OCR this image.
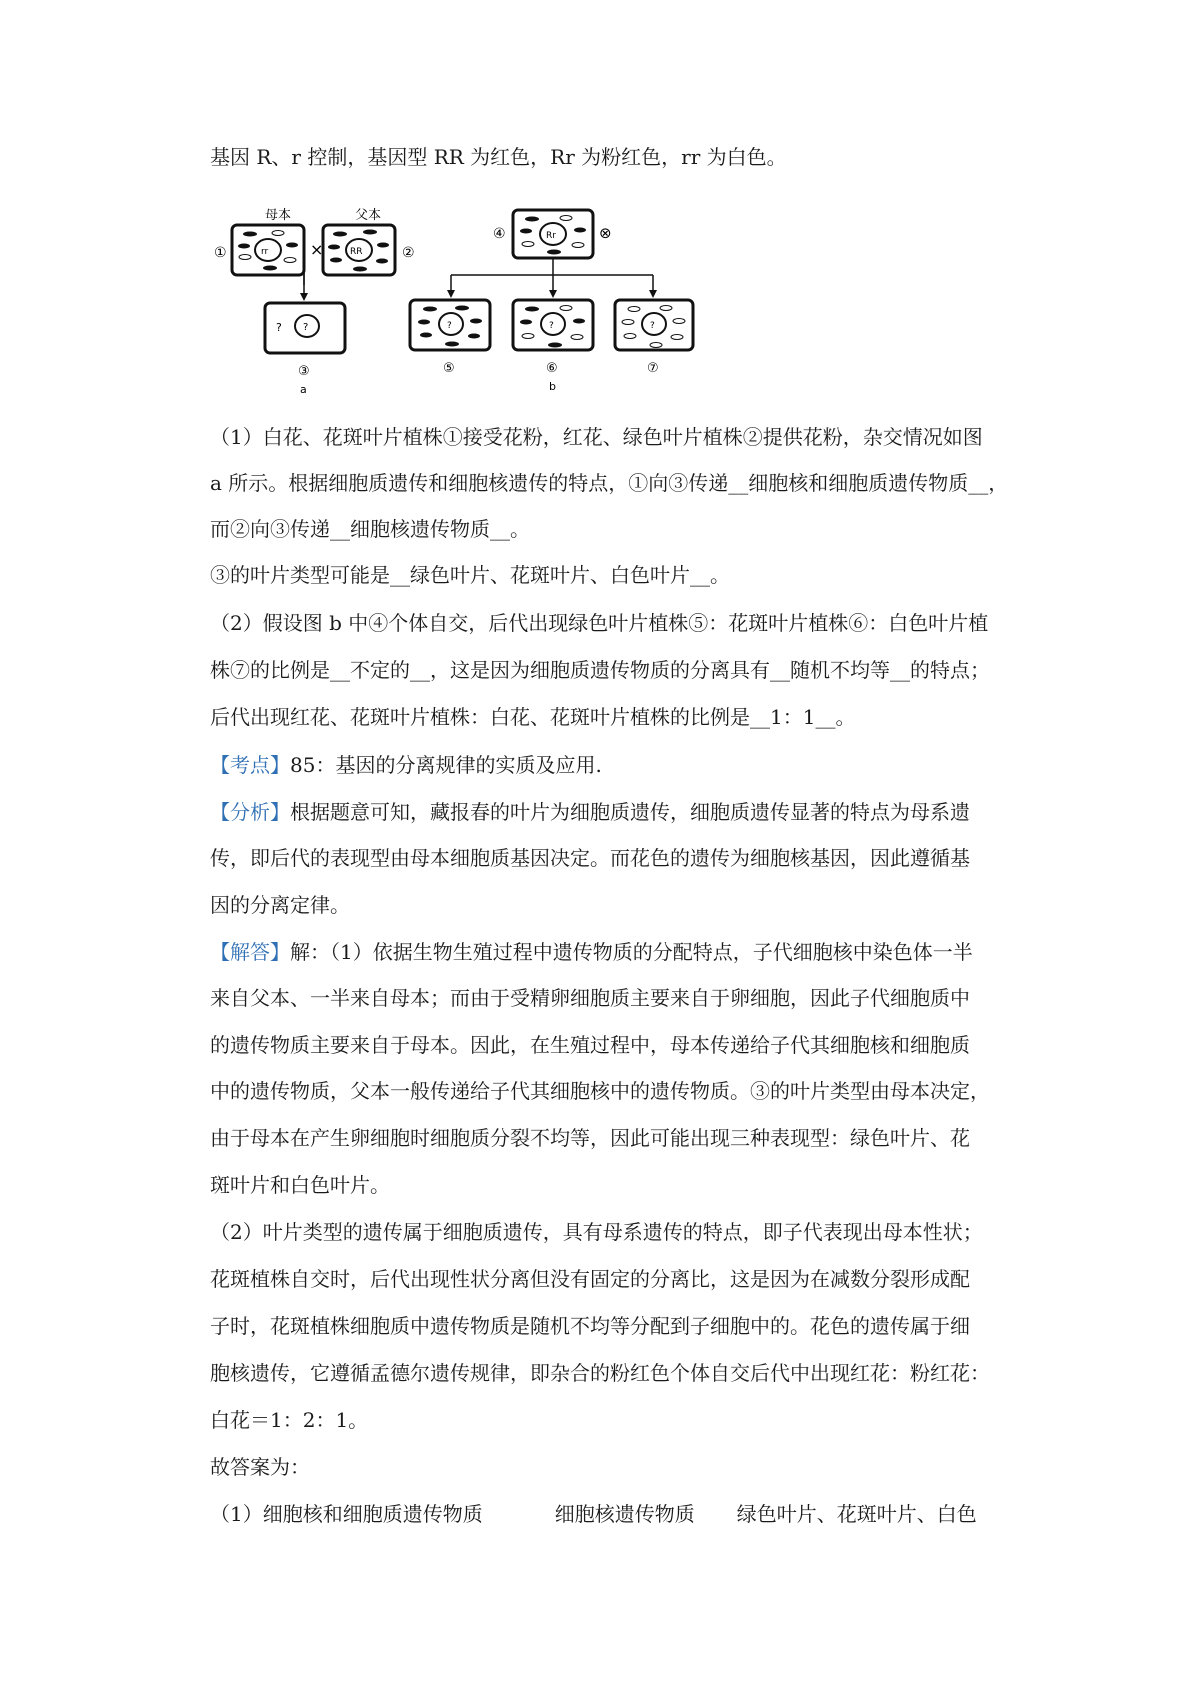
基因 R、r 控制，基因型 RR 为红色，Rr 为粉红色，rr 为白色。
母本	父本
rr
①	×	RR	②
?
?
③
a
Rr
④	⊗
?
⑤
?
⑥
b
?
⑦
（1）白花、花斑叶片植株①接受花粉，红花、绿色叶片植株②提供花粉，杂交情况如图
a 所示。根据细胞质遗传和细胞核遗传的特点，①向③传递__细胞核和细胞质遗传物质__，
而②向③传递__细胞核遗传物质__。
③的叶片类型可能是__绿色叶片、花斑叶片、白色叶片__。
（2）假设图 b 中④个体自交，后代出现绿色叶片植株⑤：花斑叶片植株⑥：白色叶片植
株⑦的比例是__不定的__，这是因为细胞质遗传物质的分离具有__随机不均等__的特点；
后代出现红花、花斑叶片植株：白花、花斑叶片植株的比例是__1：1__。
【考点】85：基因的分离规律的实质及应用.
【分析】根据题意可知，藏报春的叶片为细胞质遗传，细胞质遗传显著的特点为母系遗
传，即后代的表现型由母本细胞质基因决定。而花色的遗传为细胞核基因，因此遵循基
因的分离定律。
【解答】解：（1）依据生物生殖过程中遗传物质的分配特点，子代细胞核中染色体一半
来自父本、一半来自母本；而由于受精卵细胞质主要来自于卵细胞，因此子代细胞质中
的遗传物质主要来自于母本。因此，在生殖过程中，母本传递给子代其细胞核和细胞质
中的遗传物质，父本一般传递给子代其细胞核中的遗传物质。③的叶片类型由母本决定，
由于母本在产生卵细胞时细胞质分裂不均等，因此可能出现三种表现型：绿色叶片、花
斑叶片和白色叶片。
（2）叶片类型的遗传属于细胞质遗传，具有母系遗传的特点，即子代表现出母本性状；
花斑植株自交时，后代出现性状分离但没有固定的分离比，这是因为在减数分裂形成配
子时，花斑植株细胞质中遗传物质是随机不均等分配到子细胞中的。花色的遗传属于细
胞核遗传，它遵循孟德尔遗传规律，即杂合的粉红色个体自交后代中出现红花：粉红花：
白花＝1：2：1。
故答案为：
（1）细胞核和细胞质遗传物质	细胞核遗传物质 绿色叶片、花斑叶片、白色
